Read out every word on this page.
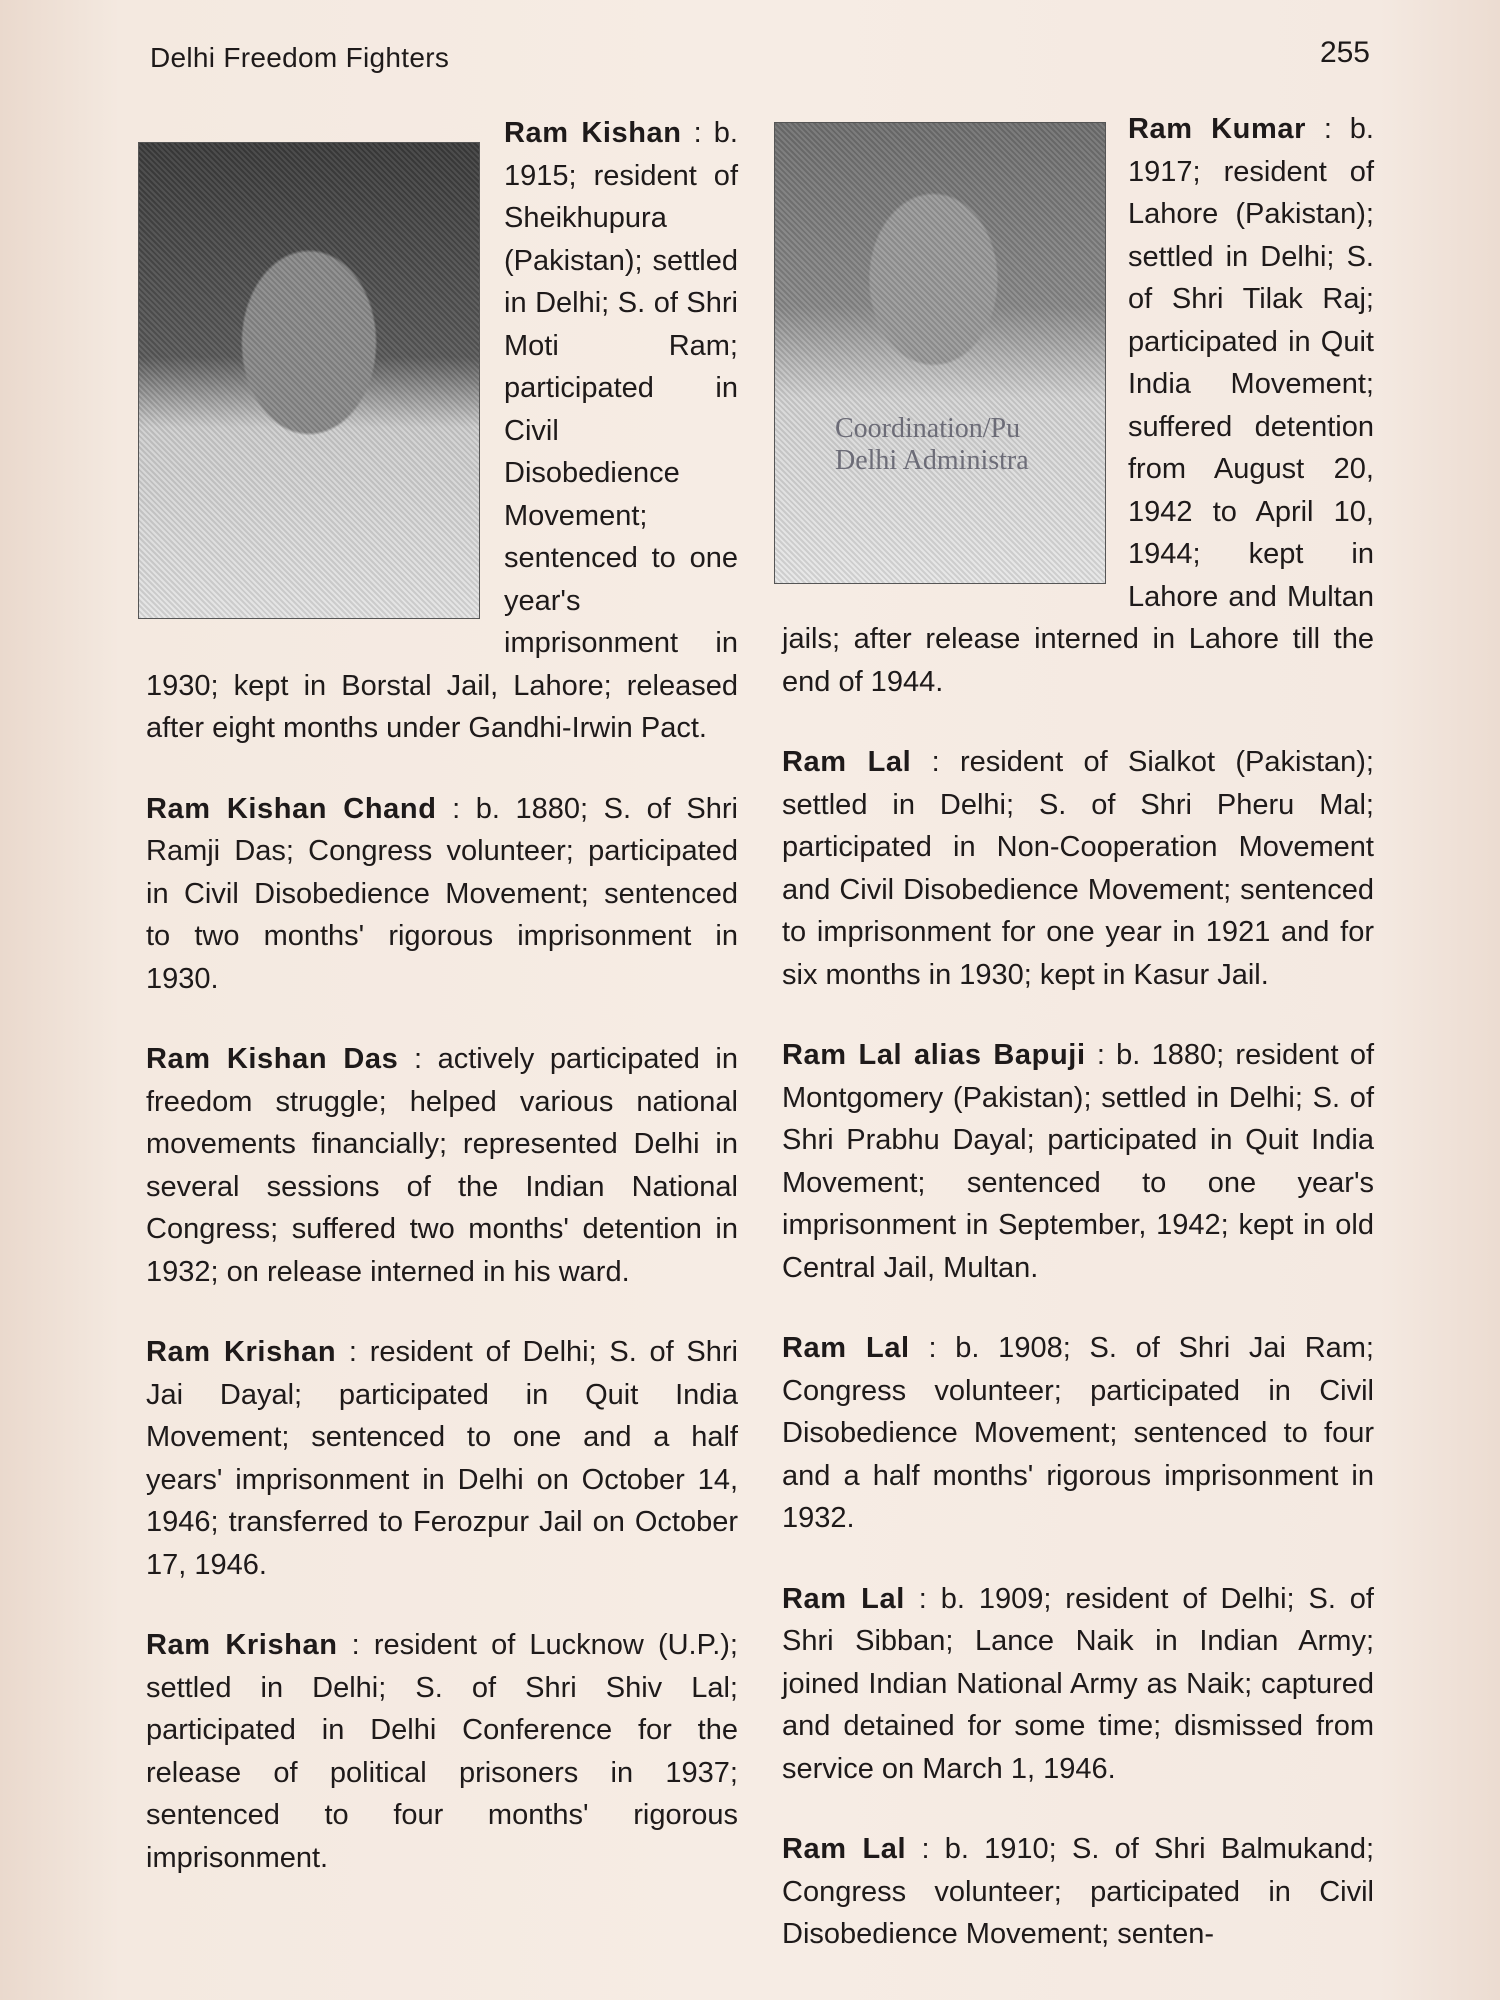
Delhi Freedom Fighters	255

Ram Kishan : b. 1915; resident of Sheikhupura (Pakistan); settled in Delhi; S. of Shri Moti Ram; participated in Civil Disobedience Movement; sentenced to one year's imprisonment in 1930; kept in Borstal Jail, Lahore; released after eight months under Gandhi-Irwin Pact.

Ram Kishan Chand : b. 1880; S. of Shri Ramji Das; Congress volunteer; participated in Civil Disobedience Movement; sentenced to two months' rigorous imprisonment in 1930.

Ram Kishan Das : actively participated in freedom struggle; helped various national movements financially; represented Delhi in several sessions of the Indian National Congress; suffered two months' detention in 1932; on release interned in his ward.

Ram Krishan : resident of Delhi; S. of Shri Jai Dayal; participated in Quit India Movement; sentenced to one and a half years' imprisonment in Delhi on October 14, 1946; transferred to Ferozpur Jail on October 17, 1946.

Ram Krishan : resident of Lucknow (U.P.); settled in Delhi; S. of Shri Shiv Lal; participated in Delhi Conference for the release of political prisoners in 1937; sentenced to four months' rigorous imprisonment.

Ram Kumar
Coordination/Pu
Delhi Administra
: b. 1917; resident of Lahore (Pakistan); settled in Delhi; S. of Shri Tilak Raj; participated in Quit India Movement; suffered detention from August 20, 1942 to April 10, 1944; kept in Lahore and Multan jails; after release interned in Lahore till the end of 1944.

Ram Lal : resident of Sialkot (Pakistan); settled in Delhi; S. of Shri Pheru Mal; participated in Non-Cooperation Movement and Civil Disobedience Movement; sentenced to imprisonment for one year in 1921 and for six months in 1930; kept in Kasur Jail.

Ram Lal alias Bapuji : b. 1880; resident of Montgomery (Pakistan); settled in Delhi; S. of Shri Prabhu Dayal; participated in Quit India Movement; sentenced to one year's imprisonment in September, 1942; kept in old Central Jail, Multan.

Ram Lal : b. 1908; S. of Shri Jai Ram; Congress volunteer; participated in Civil Disobedience Movement; sentenced to four and a half months' rigorous imprisonment in 1932.

Ram Lal : b. 1909; resident of Delhi; S. of Shri Sibban; Lance Naik in Indian Army; joined Indian National Army as Naik; captured and detained for some time; dismissed from service on March 1, 1946.

Ram Lal : b. 1910; S. of Shri Balmukand; Congress volunteer; participated in Civil Disobedience Movement; senten-
